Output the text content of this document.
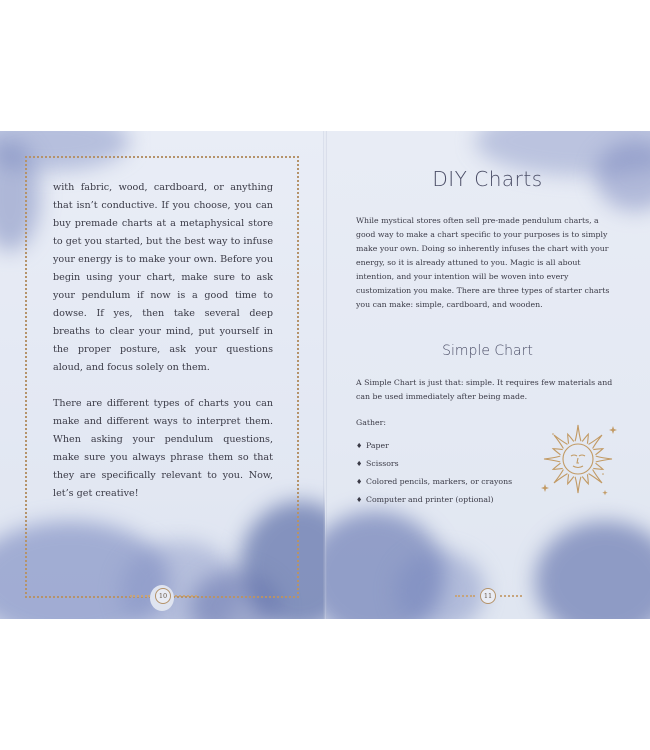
10

with fabric, wood, cardboard, or anything that isn’t conductive. If you choose, you can buy premade charts at a metaphysical store to get you started, but the best way to infuse your energy is to make your own. Before you begin using your chart, make sure to ask your pendulum if now is a good time to dowse. If yes, then take several deep breaths to clear your mind, put yourself in the proper posture, ask your questions aloud, and focus solely on them.

There are different types of charts you can make and different ways to interpret them. When asking your pendulum questions, make sure you always phrase them so that they are specifically relevant to you. Now, let’s get creative!

DIY Charts
While mystical stores often sell pre-made pendulum charts, a good way to make a chart specific to your purposes is to simply make your own. Doing so inherently infuses the chart with your energy, so it is already attuned to you. Magic is all about intention, and your intention will be woven into every customization you make. There are three types of starter charts you can make: simple, cardboard, and wooden.
Simple Chart
A Simple Chart is just that: simple. It requires few materials and can be used immediately after being made.
Gather:
♦ Paper
♦ Scissors
♦ Colored pencils, markers, or crayons
♦ Computer and printer (optional)
11
